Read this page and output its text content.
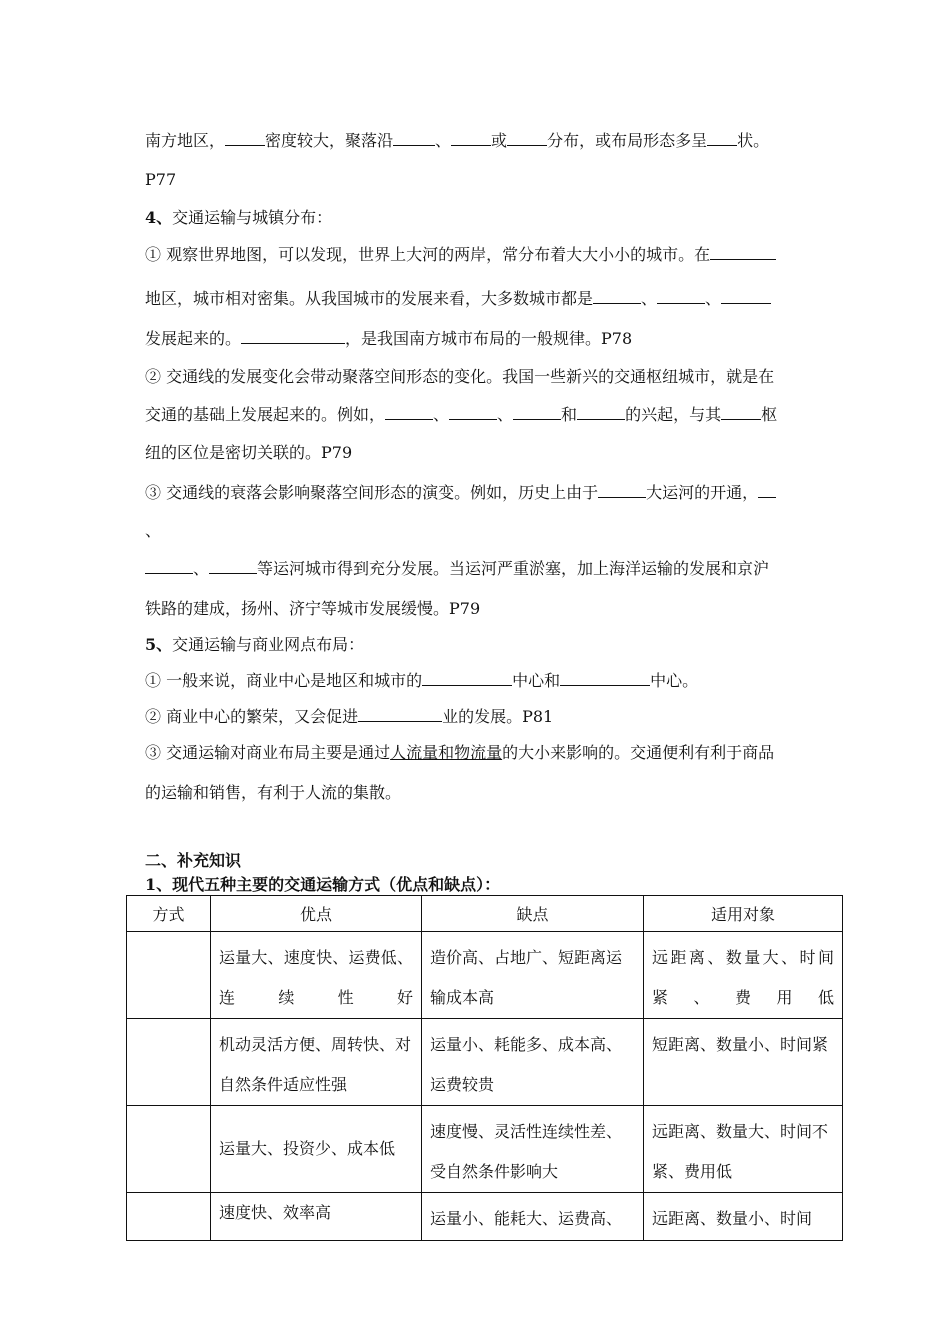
南方地区，	密度较大，聚落沿	、	或	分布，或布局形态多呈 状。
P77
4、交通运输与城镇分布：
① 观察世界地图，可以发现，世界上大河的两岸，常分布着大大小小的城市。在
地区，城市相对密集。从我国城市的发展来看，大多数城市都是	、	、
发展起来的。	，是我国南方城市布局的一般规律。P78
② 交通线的发展变化会带动聚落空间形态的变化。我国一些新兴的交通枢纽城市，就是在
交通的基础上发展起来的。例如，	、	、	和	的兴起，与其	枢
纽的区位是密切关联的。P79
③ 交通线的衰落会影响聚落空间形态的演变。例如，历史上由于	大运河的开通，
、
、	等运河城市得到充分发展。当运河严重淤塞，加上海洋运输的发展和京沪
铁路的建成，扬州、济宁等城市发展缓慢。P79
5、交通运输与商业网点布局：
① 一般来说，商业中心是地区和城市的	中心和	中心。
② 商业中心的繁荣，又会促进	业的发展。P81
③ 交通运输对商业布局主要是通过人流量和物流量的大小来影响的。交通便利有利于商品
的运输和销售，有利于人流的集散。
二、补充知识
1、现代五种主要的交通运输方式（优点和缺点）：
方式	优点	缺点	适用对象
	运量大、速度快、运费低、连续性好	造价高、占地广、短距离运输成本高	远距离、数量大、时间紧、费用低
	机动灵活方便、周转快、对自然条件适应性强	运量小、耗能多、成本高、运费较贵	短距离、数量小、时间紧
	运量大、投资少、成本低	速度慢、灵活性连续性差、受自然条件影响大	远距离、数量大、时间不紧、费用低
	速度快、效率高	运量小、能耗大、运费高、	远距离、数量小、时间
